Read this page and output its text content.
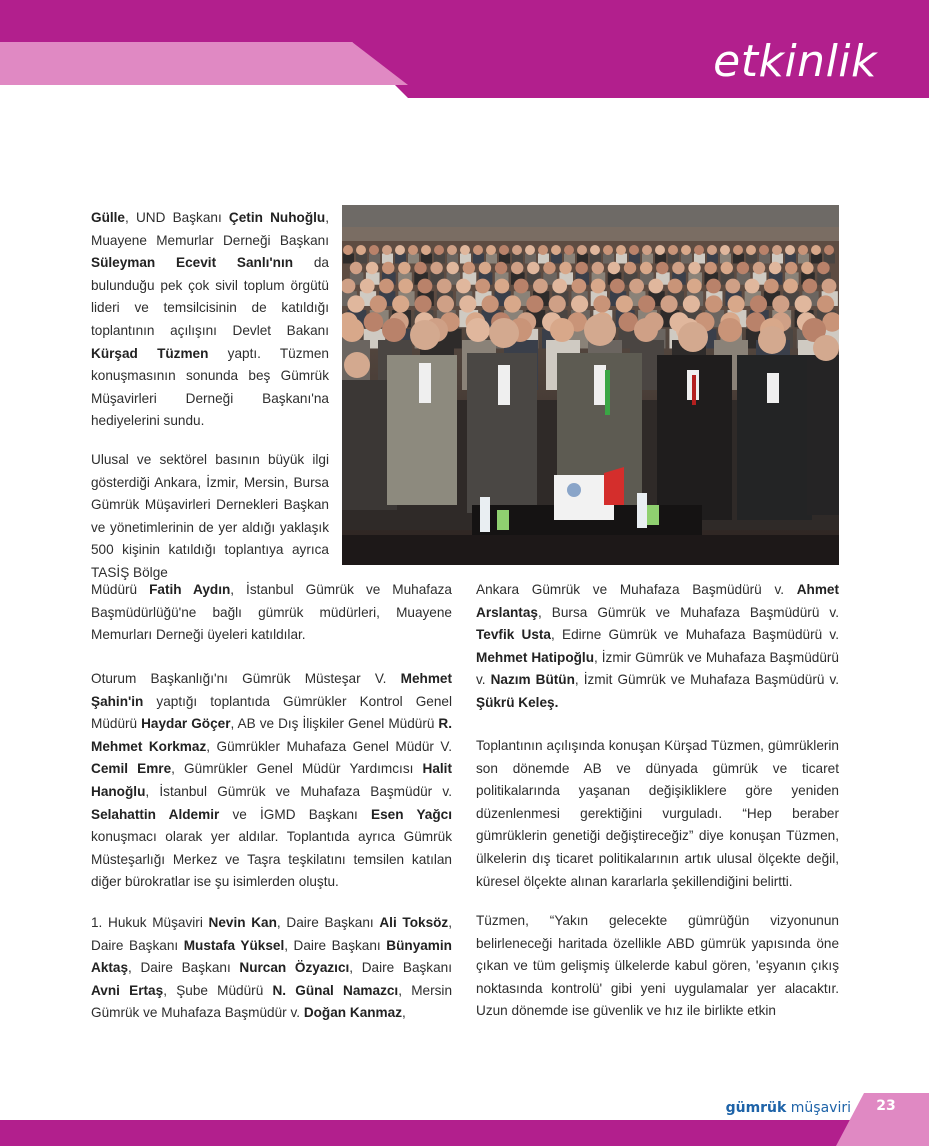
etkinlik

Gülle, UND Başkanı Çetin Nuhoğlu, Muayene Memurlar Derneği Başkanı Süleyman Ecevit Sanlı'nın da bulunduğu pek çok sivil toplum örgütü lideri ve temsilcisinin de katıldığı toplantının açılışını Devlet Bakanı Kürşad Tüzmen yaptı. Tüzmen konuşmasının sonunda beş Gümrük Müşavirleri Derneği Başkanı'na hediyelerini sundu.

Ulusal ve sektörel basının büyük ilgi gösterdiği Ankara, İzmir, Mersin, Bursa Gümrük Müşavirleri Dernekleri Başkan ve yönetimlerinin de yer aldığı yaklaşık 500 kişinin katıldığı toplantıya ayrıca TASİŞ Bölge

Müdürü Fatih Aydın, İstanbul Gümrük ve Muhafaza Başmüdürlüğü'ne bağlı gümrük müdürleri, Muayene Memurları Derneği üyeleri katıldılar.

Oturum Başkanlığı'nı Gümrük Müsteşar V. Mehmet Şahin'in yaptığı toplantıda Gümrükler Kontrol Genel Müdürü Haydar Göçer, AB ve Dış İlişkiler Genel Müdürü R. Mehmet Korkmaz, Gümrükler Muhafaza Genel Müdür V. Cemil Emre, Gümrükler Genel Müdür Yardımcısı Halit Hanoğlu, İstanbul Gümrük ve Muhafaza Başmüdür v. Selahattin Aldemir ve İGMD Başkanı Esen Yağcı konuşmacı olarak yer aldılar. Toplantıda ayrıca Gümrük Müsteşarlığı Merkez ve Taşra teşkilatını temsilen katılan diğer bürokratlar ise şu isimlerden oluştu.

1. Hukuk Müşaviri Nevin Kan, Daire Başkanı Ali Toksöz, Daire Başkanı Mustafa Yüksel, Daire Başkanı Bünyamin Aktaş, Daire Başkanı Nurcan Özyazıcı, Daire Başkanı Avni Ertaş, Şube Müdürü N. Günal Namazcı, Mersin Gümrük ve Muhafaza Başmüdür v. Doğan Kanmaz,

Ankara Gümrük ve Muhafaza Başmüdürü v. Ahmet Arslantaş, Bursa Gümrük ve Muhafaza Başmüdürü v. Tevfik Usta, Edirne Gümrük ve Muhafaza Başmüdürü v. Mehmet Hatipoğlu, İzmir Gümrük ve Muhafaza Başmüdürü v. Nazım Bütün, İzmit Gümrük ve Muhafaza Başmüdürü v. Şükrü Keleş.

Toplantının açılışında konuşan Kürşad Tüzmen, gümrüklerin son dönemde AB ve dünyada gümrük ve ticaret politikalarında yaşanan değişikliklere göre yeniden düzenlenmesi gerektiğini vurguladı. “Hep beraber gümrüklerin genetiği değiştireceğiz” diye konuşan Tüzmen, ülkelerin dış ticaret politikalarının artık ulusal ölçekte değil, küresel ölçekte alınan kararlarla şekillendiğini belirtti.

Tüzmen, “Yakın gelecekte gümrüğün vizyonunun belirleneceği haritada özellikle ABD gümrük yapısında öne çıkan ve tüm gelişmiş ülkelerde kabul gören, 'eşyanın çıkış noktasında kontrolü' gibi yeni uygulamalar yer alacaktır. Uzun dönemde ise güvenlik ve hız ile birlikte etkin

gümrük müşaviri	23
